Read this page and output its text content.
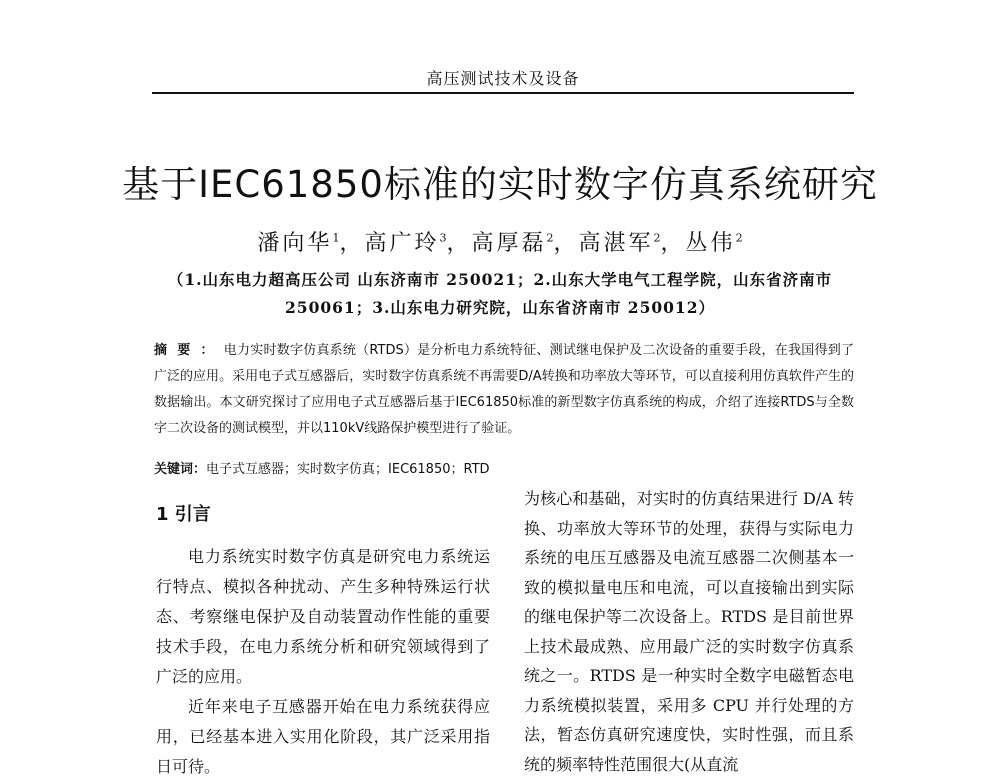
高压测试技术及设备
基于IEC61850标准的实时数字仿真系统研究
潘向华$^1$，高广玲$^3$，高厚磊$^2$，高湛军$^2$，丛伟$^2$
（1.山东电力超高压公司 山东济南市 250021；2.山东大学电气工程学院，山东省济南市
250061；3.山东电力研究院，山东省济南市 250012）
摘要：电力实时数字仿真系统（RTDS）是分析电力系统特征、测试继电保护及二次设备的重要手段，在我国得到了广泛的应用。采用电子式互感器后，实时数字仿真系统不再需要D/A转换和功率放大等环节，可以直接利用仿真软件产生的数据输出。本文研究探讨了应用电子式互感器后基于IEC61850标准的新型数字仿真系统的构成，介绍了连接RTDS与全数字二次设备的测试模型，并以110kV线路保护模型进行了验证。
关键词：电子式互感器；实时数字仿真；IEC61850；RTD
1 引言

电力系统实时数字仿真是研究电力系统运行特点、模拟各种扰动、产生多种特殊运行状态、考察继电保护及自动装置动作性能的重要技术手段，在电力系统分析和研究领域得到了广泛的应用。

近年来电子互感器开始在电力系统获得应用，已经基本进入实用化阶段，其广泛采用指日可待。

为核心和基础，对实时的仿真结果进行 D/A 转换、功率放大等环节的处理，获得与实际电力系统的电压互感器及电流互感器二次侧基本一致的模拟量电压和电流，可以直接输出到实际的继电保护等二次设备上。RTDS 是目前世界上技术最成熟、应用最广泛的实时数字仿真系统之一。RTDS 是一种实时全数字电磁暂态电力系统模拟装置，采用多 CPU 并行处理的方法，暂态仿真研究速度快，实时性强，而且系统的频率特性范围很大(从直流
